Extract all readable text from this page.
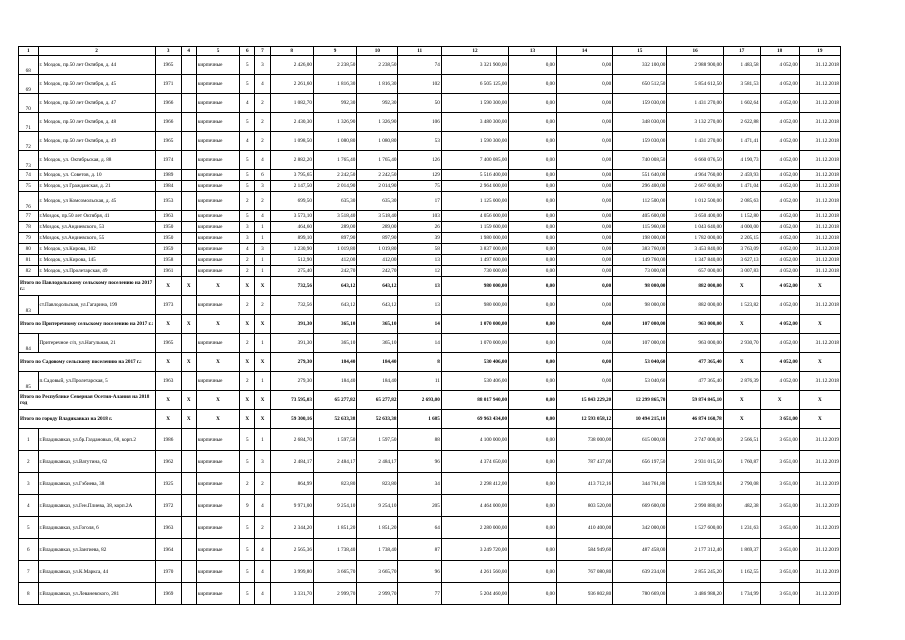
1	2	3	4	5	6	7	8	9	10	11	12	13	14	15	16	17	18	19
68	г. Моздок, пр.50 лет Октября, д. 44	1965		кирпичные	5	3	2 426,00	2 238,50	2 238,50	74	3 321 900,00	0,00	0,00	332 100,00	2 988 900,00	1 483,58	4 052,00	31.12.2018
69	г. Моздок, пр.50 лет Октября, д. 45	1971		кирпичные	5	4	2 261,60	1 816,30	1 816,30	102	6 505 125,00	0,00	0,00	650 512,50	5 854 612,50	3 581,53	4 052,00	31.12.2018
70	г. Моздок, пр.50 лет Октября, д. 47	1966		кирпичные	4	2	1 082,70	992,30	992,30	50	1 590 300,00	0,00	0,00	159 030,00	1 431 270,00	1 602,64	4 052,00	31.12.2018
71	г. Моздок, пр.50 лет Октября, д. 48	1966		кирпичные	5	2	2 430,30	1 326,90	1 326,90	106	3 480 300,00	0,00	0,00	348 030,00	3 132 270,00	2 622,88	4 052,00	31.12.2018
72	г. Моздок, пр.50 лет Октября, д. 49	1965		кирпичные	4	2	1 098,50	1 080,80	1 080,80	53	1 590 300,00	0,00	0,00	159 030,00	1 431 270,00	1 471,41	4 052,00	31.12.2018
73	г. Моздок, ул. Октябрьская, д. 88	1974		кирпичные	5	4	2 882,20	1 765,40	1 765,40	126	7 400 085,00	0,00	0,00	740 008,50	6 660 076,50	4 190,73	4 052,00	31.12.2018
74	г. Моздок, ул. Советов, д. 10	1989		кирпичные	5	6	3 795,65	2 242,50	2 242,50	129	5 516 400,00	0,00	0,00	551 640,00	4 964 760,00	2 459,93	4 052,00	31.12.2018
75	г. Моздок, ул Гражданская, д. 21	1984		кирпичные	5	3	2 147,50	2 014,90	2 014,90	75	2 964 000,00	0,00	0,00	296 400,00	2 667 600,00	1 471,04	4 052,00	31.12.2018
76	г. Моздок, ул Комсомольская, д. 45	1953		кирпичные	2	2	699,50	635,30	635,30	17	1 125 000,00	0,00	0,00	112 500,00	1 012 500,00	2 085,63	4 052,00	31.12.2018
77	г.Моздок, пр.50 лет Октября, 41	1963		кирпичные	5	4	3 573,10	3 518,40	3 518,40	103	4 056 000,00	0,00	0,00	405 600,00	3 650 400,00	1 152,80	4 052,00	31.12.2018
78	г.Моздок, ул.Андиевского, 53	1950		кирпичные	3	1	464,60	289,00	289,00	26	1 159 600,00	0,00	0,00	115 960,00	1 043 640,00	4 000,00	4 052,00	31.12.2018
79	г.Моздок, ул.Андиевского, 55	1950		кирпичные	3	1	899,10	897,90	897,90	39	1 980 000,00	0,00	0,00	198 000,00	1 782 000,00	2 205,15	4 052,00	31.12.2018
80	г. Моздок, ул.Кирова, 102	1959		кирпичные	4	3	1 230,90	1 019,80	1 019,80	58	3 837 000,00	0,00	0,00	383 760,00	3 453 840,00	3 763,09	4 052,00	31.12.2018
81	г. Моздок, ул.Кирова, 145	1958		кирпичные	2	1	512,90	412,00	412,00	13	1 497 600,00	0,00	0,00	149 760,00	1 347 840,00	3 627,13	4 052,00	31.12.2018
82	г. Моздок, ул.Пролетарская, 49	1961		кирпичные	2	1	275,40	242,70	242,70	12	730 000,00	0,00	0,00	73 000,00	657 000,00	3 007,83	4 052,00	31.12.2018
Итого по Павлодольскому сельскому поселению на 2017 г.:		X	X	X	X	X	732,56	643,12	643,12	13	980 000,00	0,00	0,00	98 000,00	882 000,00	X	4 052,00	X
83	ст.Павлодольская, ул.Гагарина, 199	1973		кирпичные	2	2	732,56	643,12	643,12	13	980 000,00	0,00	0,00	98 000,00	882 000,00	1 523,82	4 052,00	31.12.2018
Итого по Притеречному сельскому поселению на 2017 г.:		X	X	X	X	X	391,30	365,10	365,10	14	1 070 000,00	0,00	0,00	107 000,00	963 000,00	X	4 052,00	X
84	Притеречное с/п, ул.Нагульная, 21	1965		кирпичные	2	1	391,30	365,10	365,10	14	1 070 000,00	0,00	0,00	107 000,00	963 000,00	2 930,70	4 052,00	31.12.2018
Итого по Садовому сельскому поселению на 2017 г.:		X	X	X	X	X	279,30	184,40	184,40	8	530 406,00	0,00	0,00	53 040,60	477 365,40	X	4 052,00	X
85	п.Садовый, ул.Пролетарская, 5	1963		кирпичные	2	1	279,30	184,40	184,40	11	530 406,00	0,00	0,00	53 040,60	477 365,40	2 876,39	4 052,00	31.12.2018
Итого по Республике Северная Осетия-Алания на 2018 год		X	X	X	X	X	73 595,03	65 277,82	65 277,82	2 693,00	88 017 940,00	0,00	15 843 229,20	12 299 865,70	59 874 845,10	X	X	X
Итого по городу Владикавказ на 2018 г.		X	X	X	X	X	59 300,16	52 633,38	52 633,38	1 685	69 963 434,00	0,00	12 593 058,12	10 494 215,10	46 874 160,78	X	3 651,00	X
1	г.Владикавказ, ул.бр.Газдановых, 68, корп.2	1986		кирпичные	5	1	2 684,70	1 597,50	1 597,50	88	4 100 000,00	0,00	738 000,00	615 000,00	2 747 000,00	2 566,51	3 651,00	31.12.2019
2	г.Владикавказ, ул.Ватутина, 62	1962		кирпичные	5	3	2 484,17	2 484,17	2 484,17	96	4 374 650,00	0,00	787 437,00	656 197,50	2 931 015,50	1 760,87	3 651,00	31.12.2019
3	г.Владикавказ, ул.Гэбиева, 38	1925		кирпичные	2	2	864,99	823,80	823,80	34	2 298 412,00	0,00	413 712,16	344 761,80	1 539 929,84	2 790,08	3 651,00	31.12.2019
4	г.Владикавказ, ул.Ген.Плиева, 38, корп.2А	1972		кирпичные	9	4	9 971,00	9 254,10	9 254,10	205	4 464 000,00	0,00	803 520,00	669 600,00	2 990 880,00	482,38	3 651,00	31.12.2019
5	г.Владикавказ, ул.Гоголя, 6	1963		кирпичные	5	2	2 344,20	1 851,20	1 851,20	64	2 280 000,00	0,00	410 400,00	342 000,00	1 527 600,00	1 231,63	3 651,00	31.12.2019
6	г.Владикавказ, ул.Зангиева, 82	1964		кирпичные	5	4	2 565,36	1 738,40	1 738,40	87	3 249 720,00	0,00	584 949,60	487 458,00	2 177 312,40	1 869,37	3 651,00	31.12.2019
7	г.Владикавказ, ул.К.Маркса, 44	1970		кирпичные	5	4	3 999,80	3 665,70	3 665,70	96	4 261 560,00	0,00	767 080,80	639 234,00	2 855 245,20	1 162,55	3 651,00	31.12.2019
8	г.Владикавказ, ул.Леваневского, 281	1969		кирпичные	5	4	3 331,70	2 999,70	2 999,70	77	5 204 460,00	0,00	936 802,80	780 669,00	3 486 988,20	1 734,99	3 651,00	31.12.2019
